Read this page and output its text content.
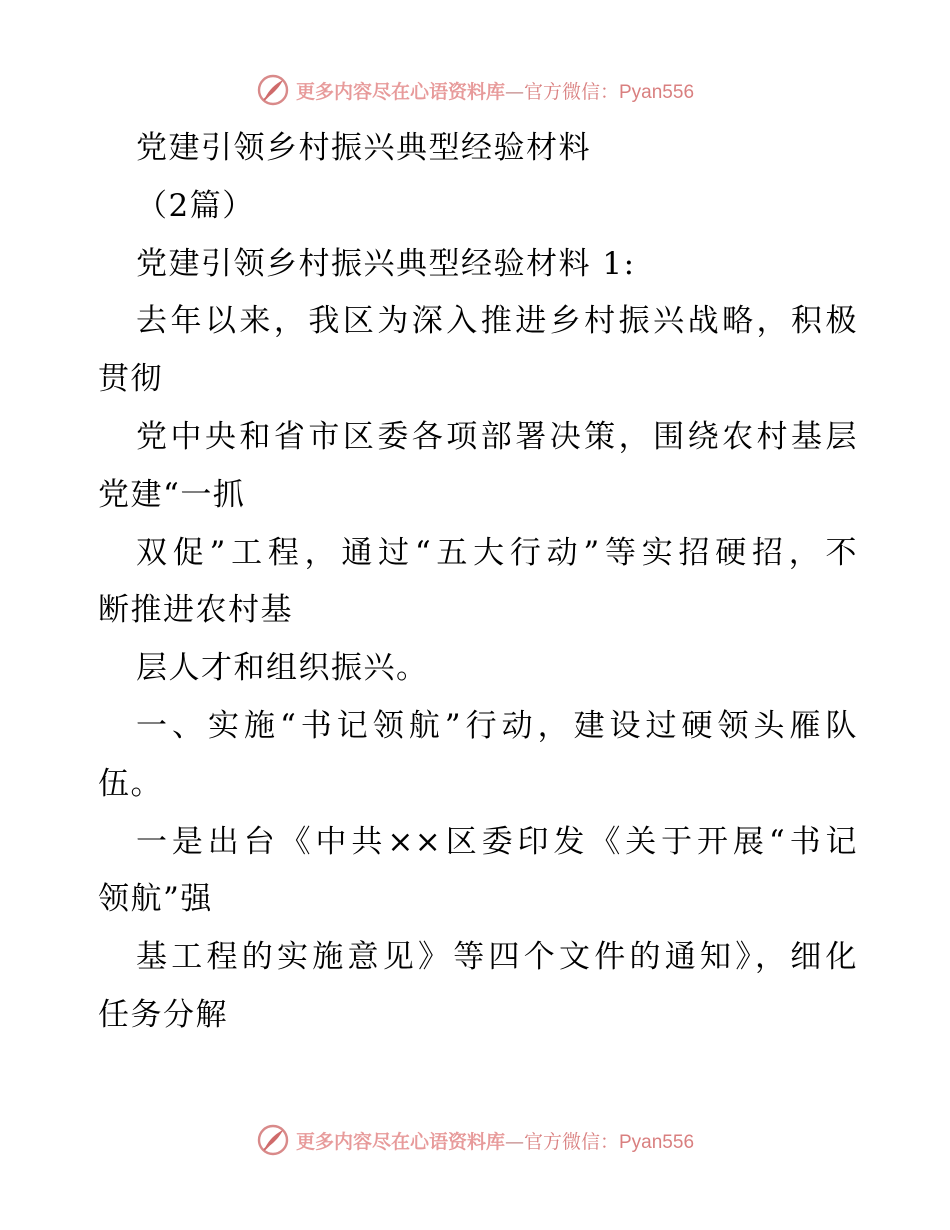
更多内容尽在心语资料库—官方微信：Pyan556
党建引领乡村振兴典型经验材料
（2篇）
党建引领乡村振兴典型经验材料 1:
去年以来，我区为深入推进乡村振兴战略，积极
贯彻
党中央和省市区委各项部署决策，围绕农村基层
党建“一抓
双促”工程，通过“五大行动”等实招硬招，不
断推进农村基
层人才和组织振兴。
一、实施“书记领航”行动，建设过硬领头雁队
伍。
一是出台《中共××区委印发《关于开展“书记
领航”强
基工程的实施意见》等四个文件的通知》，细化
任务分解
更多内容尽在心语资料库—官方微信：Pyan556
